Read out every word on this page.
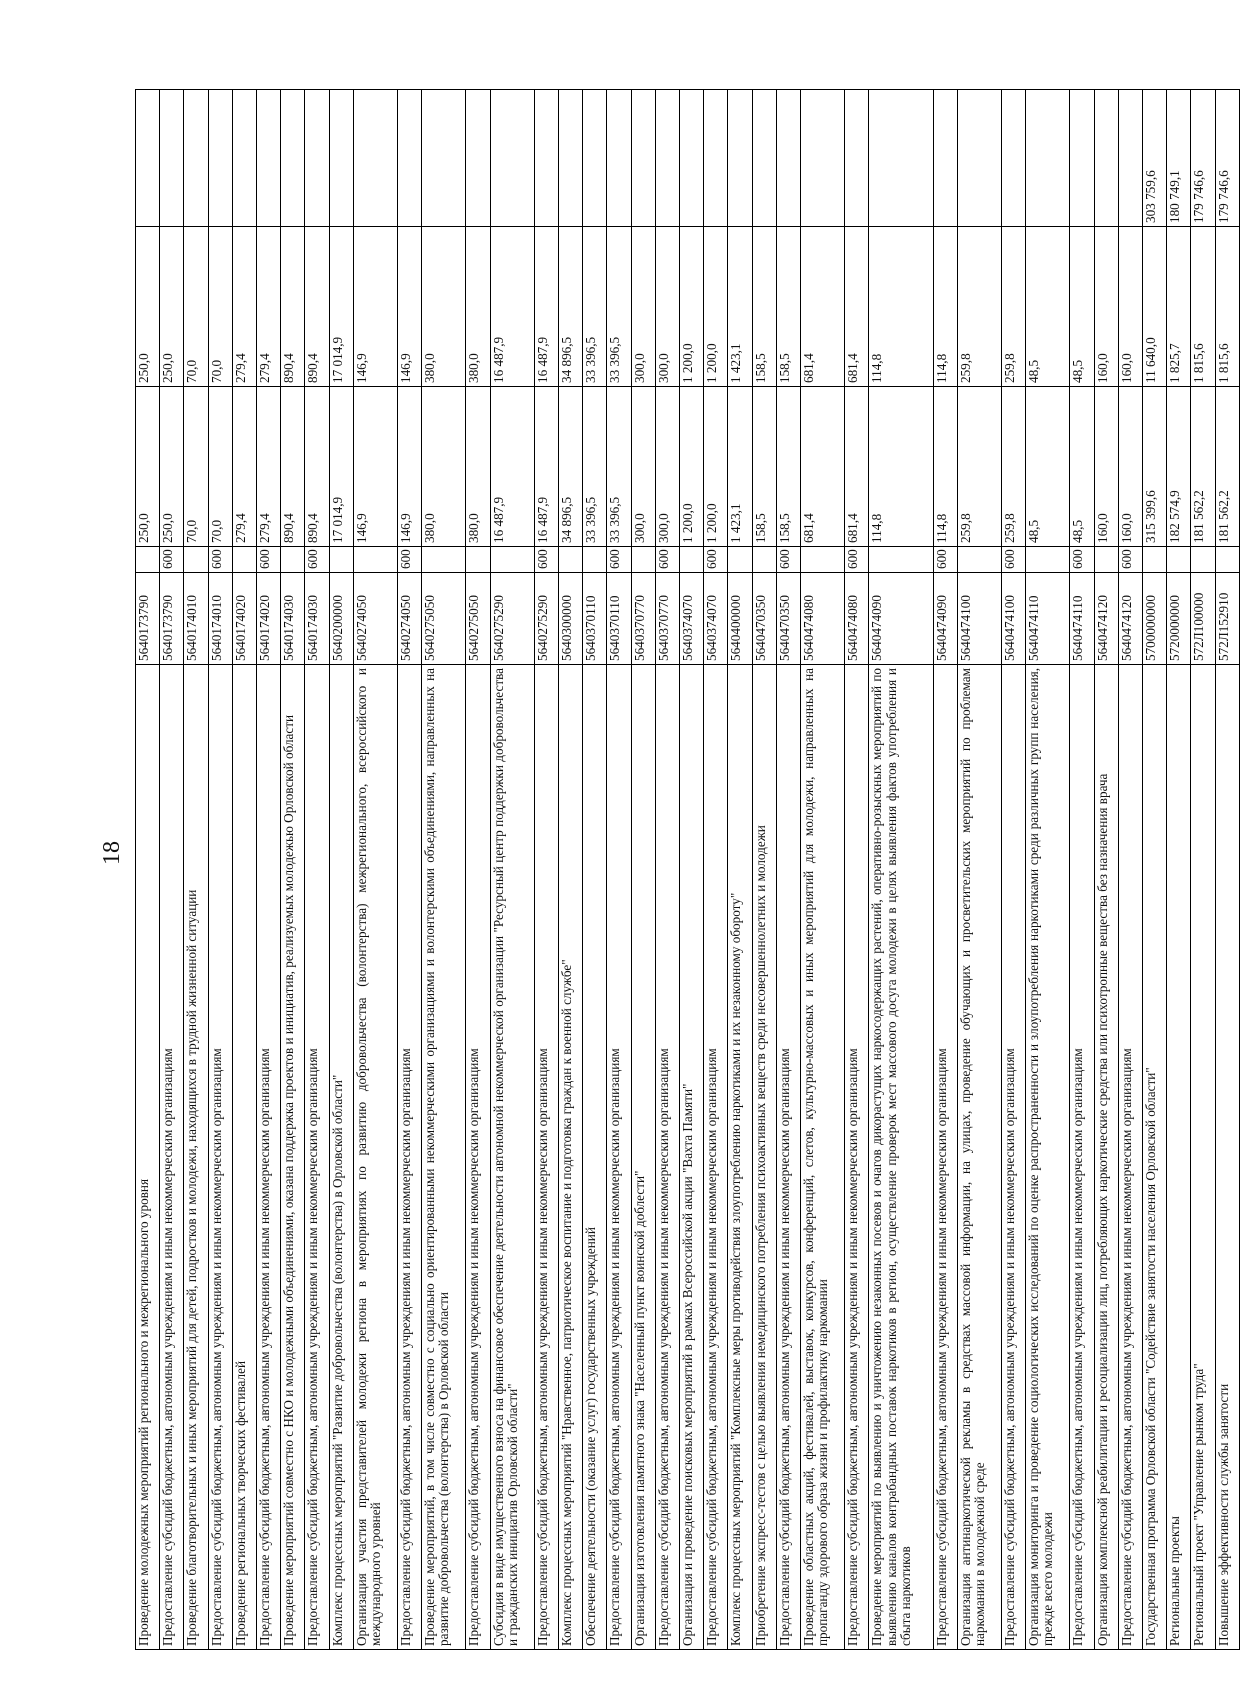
18
Проведение молодежных мероприятий регионального и межрегионального уровня	5640173790		250,0	250,0	
Предоставление субсидий бюджетным, автономным учреждениям и иным некоммерческим организациям	5640173790	600	250,0	250,0	
Проведение благотворительных и иных мероприятий для детей, подростков и молодежи, находящихся в трудной жизненной ситуации	5640174010		70,0	70,0	
Предоставление субсидий бюджетным, автономным учреждениям и иным некоммерческим организациям	5640174010	600	70,0	70,0	
Проведение региональных творческих фестивалей	5640174020		279,4	279,4	
Предоставление субсидий бюджетным, автономным учреждениям и иным некоммерческим организациям	5640174020	600	279,4	279,4	
Проведение мероприятий совместно с НКО и молодежными объединениями, оказана поддержка проектов и инициатив, реализуемых молодежью Орловской области	5640174030		890,4	890,4	
Предоставление субсидий бюджетным, автономным учреждениям и иным некоммерческим организациям	5640174030	600	890,4	890,4	
Комплекс процессных мероприятий "Развитие добровольчества (волонтерства) в Орловской области"	5640200000		17 014,9	17 014,9	
Организация участия представителей молодежи региона в мероприятиях по развитию добровольчества (волонтерства) межрегионального, всероссийского и международного уровней	5640274050		146,9	146,9	
Предоставление субсидий бюджетным, автономным учреждениям и иным некоммерческим организациям	5640274050	600	146,9	146,9	
Проведение мероприятий, в том числе совместно с социально ориентированными некоммерческими организациями и волонтерскими объединениями, направленных на развитие добровольчества (волонтерства) в Орловской области	5640275050		380,0	380,0	
Предоставление субсидий бюджетным, автономным учреждениям и иным некоммерческим организациям	5640275050		380,0	380,0	
Субсидия в виде имущественного взноса на финансовое обеспечение деятельности автономной некоммерческой организации "Ресурсный центр поддержки добровольчества и гражданских инициатив Орловской области"	5640275290		16 487,9	16 487,9	
Предоставление субсидий бюджетным, автономным учреждениям и иным некоммерческим организациям	5640275290	600	16 487,9	16 487,9	
Комплекс процессных мероприятий "Нравственное, патриотическое воспитание и подготовка граждан к военной службе"	5640300000		34 896,5	34 896,5	
Обеспечение деятельности (оказание услуг) государственных учреждений	5640370110		33 396,5	33 396,5	
Предоставление субсидий бюджетным, автономным учреждениям и иным некоммерческим организациям	5640370110	600	33 396,5	33 396,5	
Организация изготовления памятного знака "Населенный пункт воинской доблести"	5640370770		300,0	300,0	
Предоставление субсидий бюджетным, автономным учреждениям и иным некоммерческим организациям	5640370770	600	300,0	300,0	
Организация и проведение поисковых мероприятий в рамках Всероссийской акции "Вахта Памяти"	5640374070		1 200,0	1 200,0	
Предоставление субсидий бюджетным, автономным учреждениям и иным некоммерческим организациям	5640374070	600	1 200,0	1 200,0	
Комплекс процессных мероприятий "Комплексные меры противодействия злоупотреблению наркотиками и их незаконному обороту"	5640400000		1 423,1	1 423,1	
Приобретение экспресс-тестов с целью выявления немедицинского потребления психоактивных веществ среди несовершеннолетних и молодежи	5640470350		158,5	158,5	
Предоставление субсидий бюджетным, автономным учреждениям и иным некоммерческим организациям	5640470350	600	158,5	158,5	
Проведение областных акций, фестивалей, выставок, конкурсов, конференций, слетов, культурно-массовых и иных мероприятий для молодежи, направленных на пропаганду здорового образа жизни и профилактику наркомании	5640474080		681,4	681,4	
Предоставление субсидий бюджетным, автономным учреждениям и иным некоммерческим организациям	5640474080	600	681,4	681,4	
Проведение мероприятий по выявлению и уничтожению незаконных посевов и очагов дикорастущих наркосодержащих растений, оперативно-розыскных мероприятий по выявлению каналов контрабандных поставок наркотиков в регион, осуществление проверок мест массового досуга молодежи в целях выявления фактов употребления и сбыта наркотиков	5640474090		114,8	114,8	
Предоставление субсидий бюджетным, автономным учреждениям и иным некоммерческим организациям	5640474090	600	114,8	114,8	
Организация антинаркотической рекламы в средствах массовой информации, на улицах, проведение обучающих и просветительских мероприятий по проблемам наркомании в молодежной среде	5640474100		259,8	259,8	
Предоставление субсидий бюджетным, автономным учреждениям и иным некоммерческим организациям	5640474100	600	259,8	259,8	
Организация мониторинга и проведение социологических исследований по оценке распространенности и злоупотребления наркотиками среди различных групп населения, прежде всего молодежи	5640474110		48,5	48,5	
Предоставление субсидий бюджетным, автономным учреждениям и иным некоммерческим организациям	5640474110	600	48,5	48,5	
Организация комплексной реабилитации и ресоциализации лиц, потребляющих наркотические средства или психотропные вещества без назначения врача	5640474120		160,0	160,0	
Предоставление субсидий бюджетным, автономным учреждениям и иным некоммерческим организациям	5640474120	600	160,0	160,0	
Государственная программа Орловской области "Содействие занятости населения Орловской области"	5700000000		315 399,6	11 640,0	303 759,6
Региональные проекты	5720000000		182 574,9	1 825,7	180 749,1
Региональный проект "Управление рынком труда"	572Л100000		181 562,2	1 815,6	179 746,6
Повышение эффективности службы занятости	572Л152910		181 562,2	1 815,6	179 746,6
